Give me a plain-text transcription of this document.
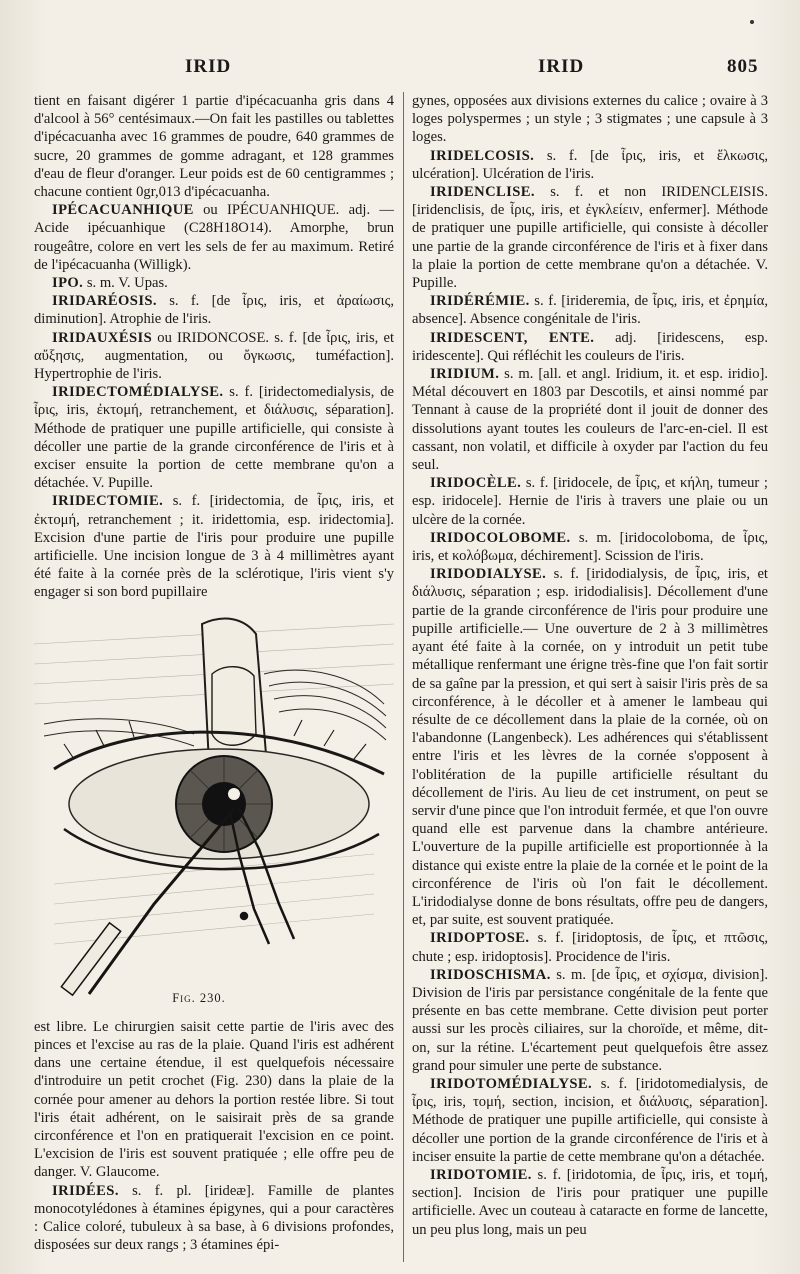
IRID	IRID	805

tient en faisant digérer 1 partie d'ipécacuanha gris dans 4 d'alcool à 56° centésimaux.—On fait les pastilles ou tablettes d'ipécacuanha avec 16 grammes de poudre, 640 grammes de sucre, 20 grammes de gomme adragant, et 128 grammes d'eau de fleur d'oranger. Leur poids est de 60 centigrammes ; chacune contient 0gr,013 d'ipécacuanha.

IPÉCACUANHIQUE ou IPÉCUANHIQUE. adj. — Acide ipécuanhique (C28H18O14). Amorphe, brun rougeâtre, colore en vert les sels de fer au maximum. Retiré de l'ipécacuanha (Willigk).

IPO. s. m. V. Upas.

IRIDARÉOSIS. s. f. [de ἶρις, iris, et ἀραίωσις, diminution]. Atrophie de l'iris.

IRIDAUXÉSIS ou IRIDONCOSE. s. f. [de ἶρις, iris, et αὔξησις, augmentation, ou ὄγκωσις, tuméfaction]. Hypertrophie de l'iris.

IRIDECTOMÉDIALYSE. s. f. [iridectomedialysis, de ἶρις, iris, ἐκτομή, retranchement, et διάλυσις, séparation]. Méthode de pratiquer une pupille artificielle, qui consiste à décoller une partie de la grande circonférence de l'iris et à exciser ensuite la portion de cette membrane qu'on a détachée. V. Pupille.

IRIDECTOMIE. s. f. [iridectomia, de ἶρις, iris, et ἐκτομή, retranchement ; it. iridettomia, esp. iridectomia]. Excision d'une partie de l'iris pour produire une pupille artificielle. Une incision longue de 3 à 4 millimètres ayant été faite à la cornée près de la sclérotique, l'iris vient s'y engager si son bord pupillaire

Fig. 230.

est libre. Le chirurgien saisit cette partie de l'iris avec des pinces et l'excise au ras de la plaie. Quand l'iris est adhérent dans une certaine étendue, il est quelquefois nécessaire d'introduire un petit crochet (Fig. 230) dans la plaie de la cornée pour amener au dehors la portion restée libre. Si tout l'iris était adhérent, on le saisirait près de sa grande circonférence et l'on en pratiquerait l'excision en ce point. L'excision de l'iris est souvent pratiquée ; elle offre peu de danger. V. Glaucome.

IRIDÉES. s. f. pl. [irideæ]. Famille de plantes monocotylédones à étamines épigynes, qui a pour caractères : Calice coloré, tubuleux à sa base, à 6 divisions profondes, disposées sur deux rangs ; 3 étamines épi-

gynes, opposées aux divisions externes du calice ; ovaire à 3 loges polyspermes ; un style ; 3 stigmates ; une capsule à 3 loges.

IRIDELCOSIS. s. f. [de ἶρις, iris, et ἕλκωσις, ulcération]. Ulcération de l'iris.

IRIDENCLISE. s. f. et non IRIDENCLEISIS. [iridenclisis, de ἶρις, iris, et ἐγκλείειν, enfermer]. Méthode de pratiquer une pupille artificielle, qui consiste à décoller une partie de la grande circonférence de l'iris et à fixer dans la plaie la portion de cette membrane qu'on a détachée. V. Pupille.

IRIDÉRÉMIE. s. f. [irideremia, de ἶρις, iris, et ἐρημία, absence]. Absence congénitale de l'iris.

IRIDESCENT, ENTE. adj. [iridescens, esp. iridescente]. Qui réfléchit les couleurs de l'iris.

IRIDIUM. s. m. [all. et angl. Iridium, it. et esp. iridio]. Métal découvert en 1803 par Descotils, et ainsi nommé par Tennant à cause de la propriété dont il jouit de donner des dissolutions ayant toutes les couleurs de l'arc-en-ciel. Il est cassant, non volatil, et difficile à oxyder par l'action du feu seul.

IRIDOCÈLE. s. f. [iridocele, de ἶρις, et κήλη, tumeur ; esp. iridocele]. Hernie de l'iris à travers une plaie ou un ulcère de la cornée.

IRIDOCOLOBOME. s. m. [iridocoloboma, de ἶρις, iris, et κολόβωμα, déchirement]. Scission de l'iris.

IRIDODIALYSE. s. f. [iridodialysis, de ἶρις, iris, et διάλυσις, séparation ; esp. iridodialisis]. Décollement d'une partie de la grande circonférence de l'iris pour produire une pupille artificielle.— Une ouverture de 2 à 3 millimètres ayant été faite à la cornée, on y introduit un petit tube métallique renfermant une érigne très-fine que l'on fait sortir de sa gaîne par la pression, et qui sert à saisir l'iris près de sa circonférence, à le décoller et à amener le lambeau qui résulte de ce décollement dans la plaie de la cornée, où on l'abandonne (Langenbeck). Les adhérences qui s'établissent entre l'iris et les lèvres de la cornée s'opposent à l'oblitération de la pupille artificielle résultant du décollement de l'iris. Au lieu de cet instrument, on peut se servir d'une pince que l'on introduit fermée, et que l'on ouvre quand elle est parvenue dans la chambre antérieure. L'ouverture de la pupille artificielle est proportionnée à la distance qui existe entre la plaie de la cornée et le point de la circonférence de l'iris où l'on fait le décollement. L'iridodialyse donne de bons résultats, offre peu de dangers, et, par suite, est souvent pratiquée.

IRIDOPTOSE. s. f. [iridoptosis, de ἶρις, et πτῶσις, chute ; esp. iridoptosis]. Procidence de l'iris.

IRIDOSCHISMA. s. m. [de ἶρις, et σχίσμα, division]. Division de l'iris par persistance congénitale de la fente que présente en bas cette membrane. Cette division peut porter aussi sur les procès ciliaires, sur la choroïde, et même, dit-on, sur la rétine. L'écartement peut quelquefois être assez grand pour simuler une perte de substance.

IRIDOTOMÉDIALYSE. s. f. [iridotomedialysis, de ἶρις, iris, τομή, section, incision, et διάλυσις, séparation]. Méthode de pratiquer une pupille artificielle, qui consiste à décoller une portion de la grande circonférence de l'iris et à inciser ensuite la partie de cette membrane qu'on a détachée.

IRIDOTOMIE. s. f. [iridotomia, de ἶρις, iris, et τομή, section]. Incision de l'iris pour pratiquer une pupille artificielle. Avec un couteau à cataracte en forme de lancette, un peu plus long, mais un peu
